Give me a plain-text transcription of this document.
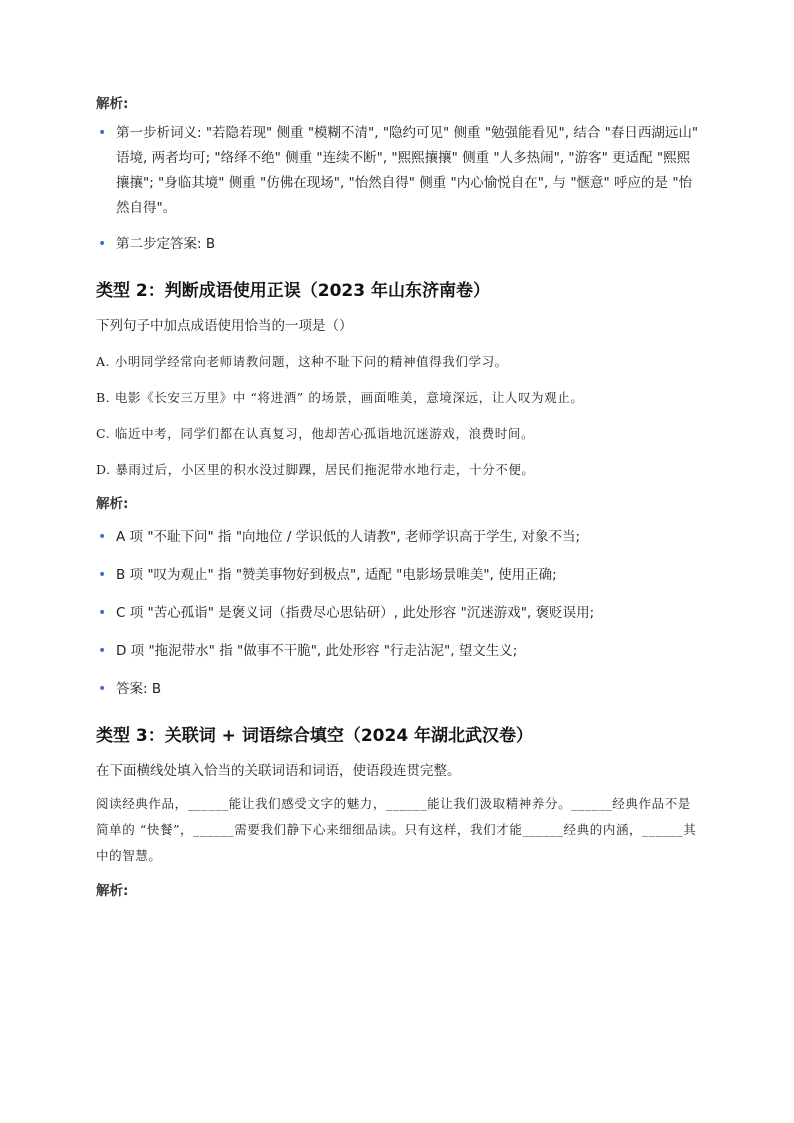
解析:

• 第一步析词义: "若隐若现" 侧重 "模糊不清", "隐约可见" 侧重 "勉强能看见", 结合 "春日西湖远山" 语境, 两者均可; "络绎不绝" 侧重 "连续不断", "熙熙攘攘" 侧重 "人多热闹", "游客" 更适配 "熙熙攘攘"; "身临其境" 侧重 "仿佛在现场", "怡然自得" 侧重 "内心愉悦自在", 与 "惬意" 呼应的是 "怡然自得"。
• 第二步定答案: B
类型 2：判断成语使用正误（2023 年山东济南卷）

下列句子中加点成语使用恰当的一项是（）

A. 小明同学经常向老师请教问题，这种不耻下问的精神值得我们学习。

B. 电影《长安三万里》中 “将进酒” 的场景，画面唯美，意境深远，让人叹为观止。

C. 临近中考，同学们都在认真复习，他却苦心孤诣地沉迷游戏，浪费时间。

D. 暴雨过后，小区里的积水没过脚踝，居民们拖泥带水地行走，十分不便。

解析:

• A 项 "不耻下问" 指 "向地位 / 学识低的人请教", 老师学识高于学生, 对象不当;
• B 项 "叹为观止" 指 "赞美事物好到极点", 适配 "电影场景唯美", 使用正确;
• C 项 "苦心孤诣" 是褒义词（指费尽心思钻研）, 此处形容 "沉迷游戏", 褒贬误用;
• D 项 "拖泥带水" 指 "做事不干脆", 此处形容 "行走沾泥", 望文生义;
• 答案: B
类型 3：关联词 + 词语综合填空（2024 年湖北武汉卷）

在下面横线处填入恰当的关联词语和词语，使语段连贯完整。

阅读经典作品，______能让我们感受文字的魅力，______能让我们汲取精神养分。______经典作品不是简单的 “快餐”，______需要我们静下心来细细品读。只有这样，我们才能______经典的内涵，______其中的智慧。

解析:
